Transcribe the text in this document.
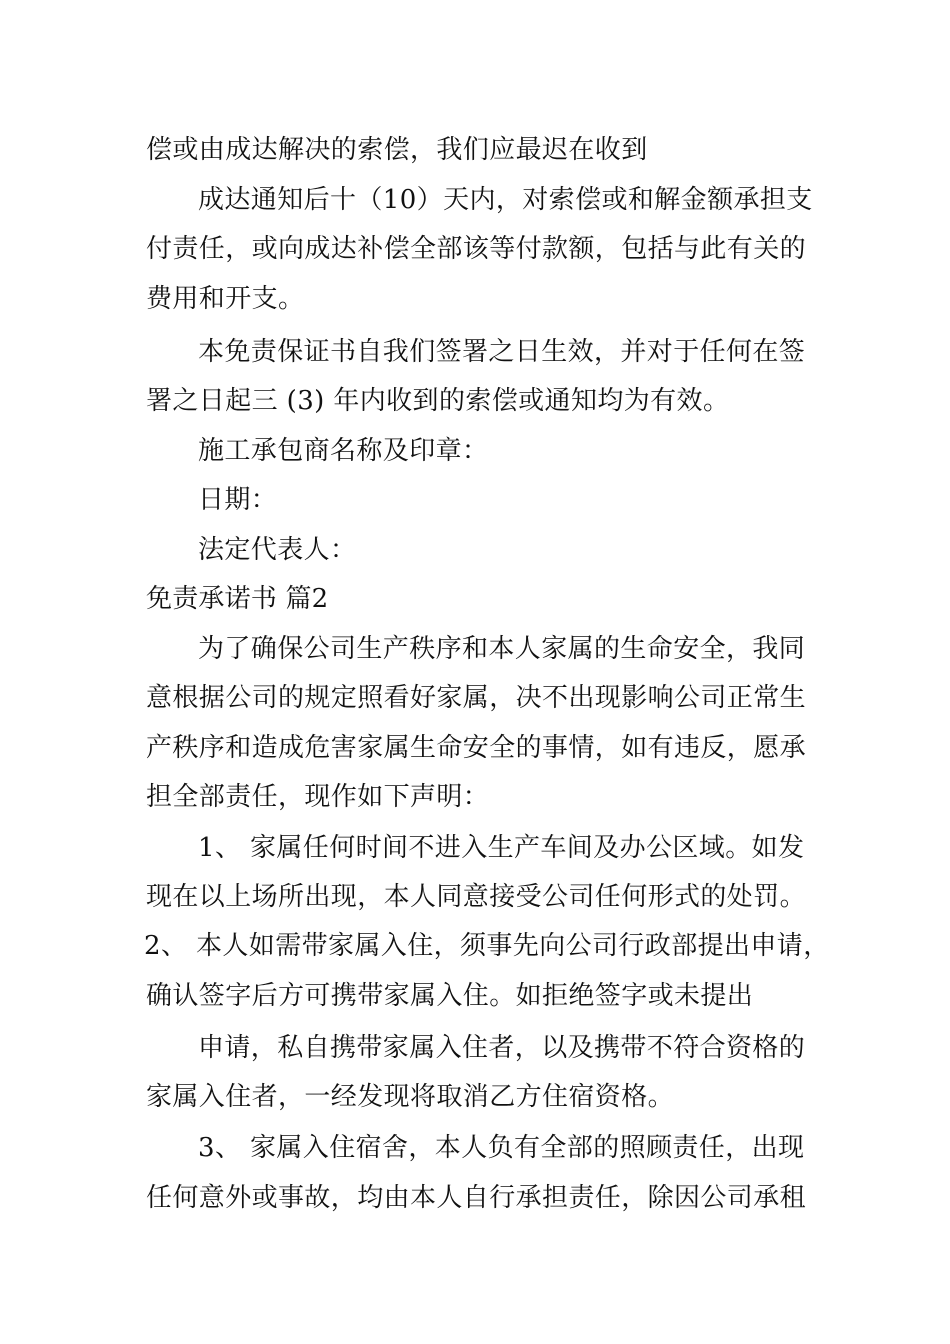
偿或由成达解决的索偿，我们应最迟在收到
成达通知后十（10）天内，对索偿或和解金额承担支
付责任，或向成达补偿全部该等付款额，包括与此有关的
费用和开支。
本免责保证书自我们签署之日生效，并对于任何在签
署之日起三 (3) 年内收到的索偿或通知均为有效。
施工承包商名称及印章：
日期：
法定代表人：
免责承诺书 篇2
为了确保公司生产秩序和本人家属的生命安全，我同
意根据公司的规定照看好家属，决不出现影响公司正常生
产秩序和造成危害家属生命安全的事情，如有违反，愿承
担全部责任，现作如下声明：
1、 家属任何时间不进入生产车间及办公区域。如发
现在以上场所出现，本人同意接受公司任何形式的处罚。
2、 本人如需带家属入住，须事先向公司行政部提出申请，
确认签字后方可携带家属入住。如拒绝签字或未提出
申请，私自携带家属入住者，以及携带不符合资格的
家属入住者，一经发现将取消乙方住宿资格。
3、 家属入住宿舍，本人负有全部的照顾责任，出现
任何意外或事故，均由本人自行承担责任，除因公司承租
